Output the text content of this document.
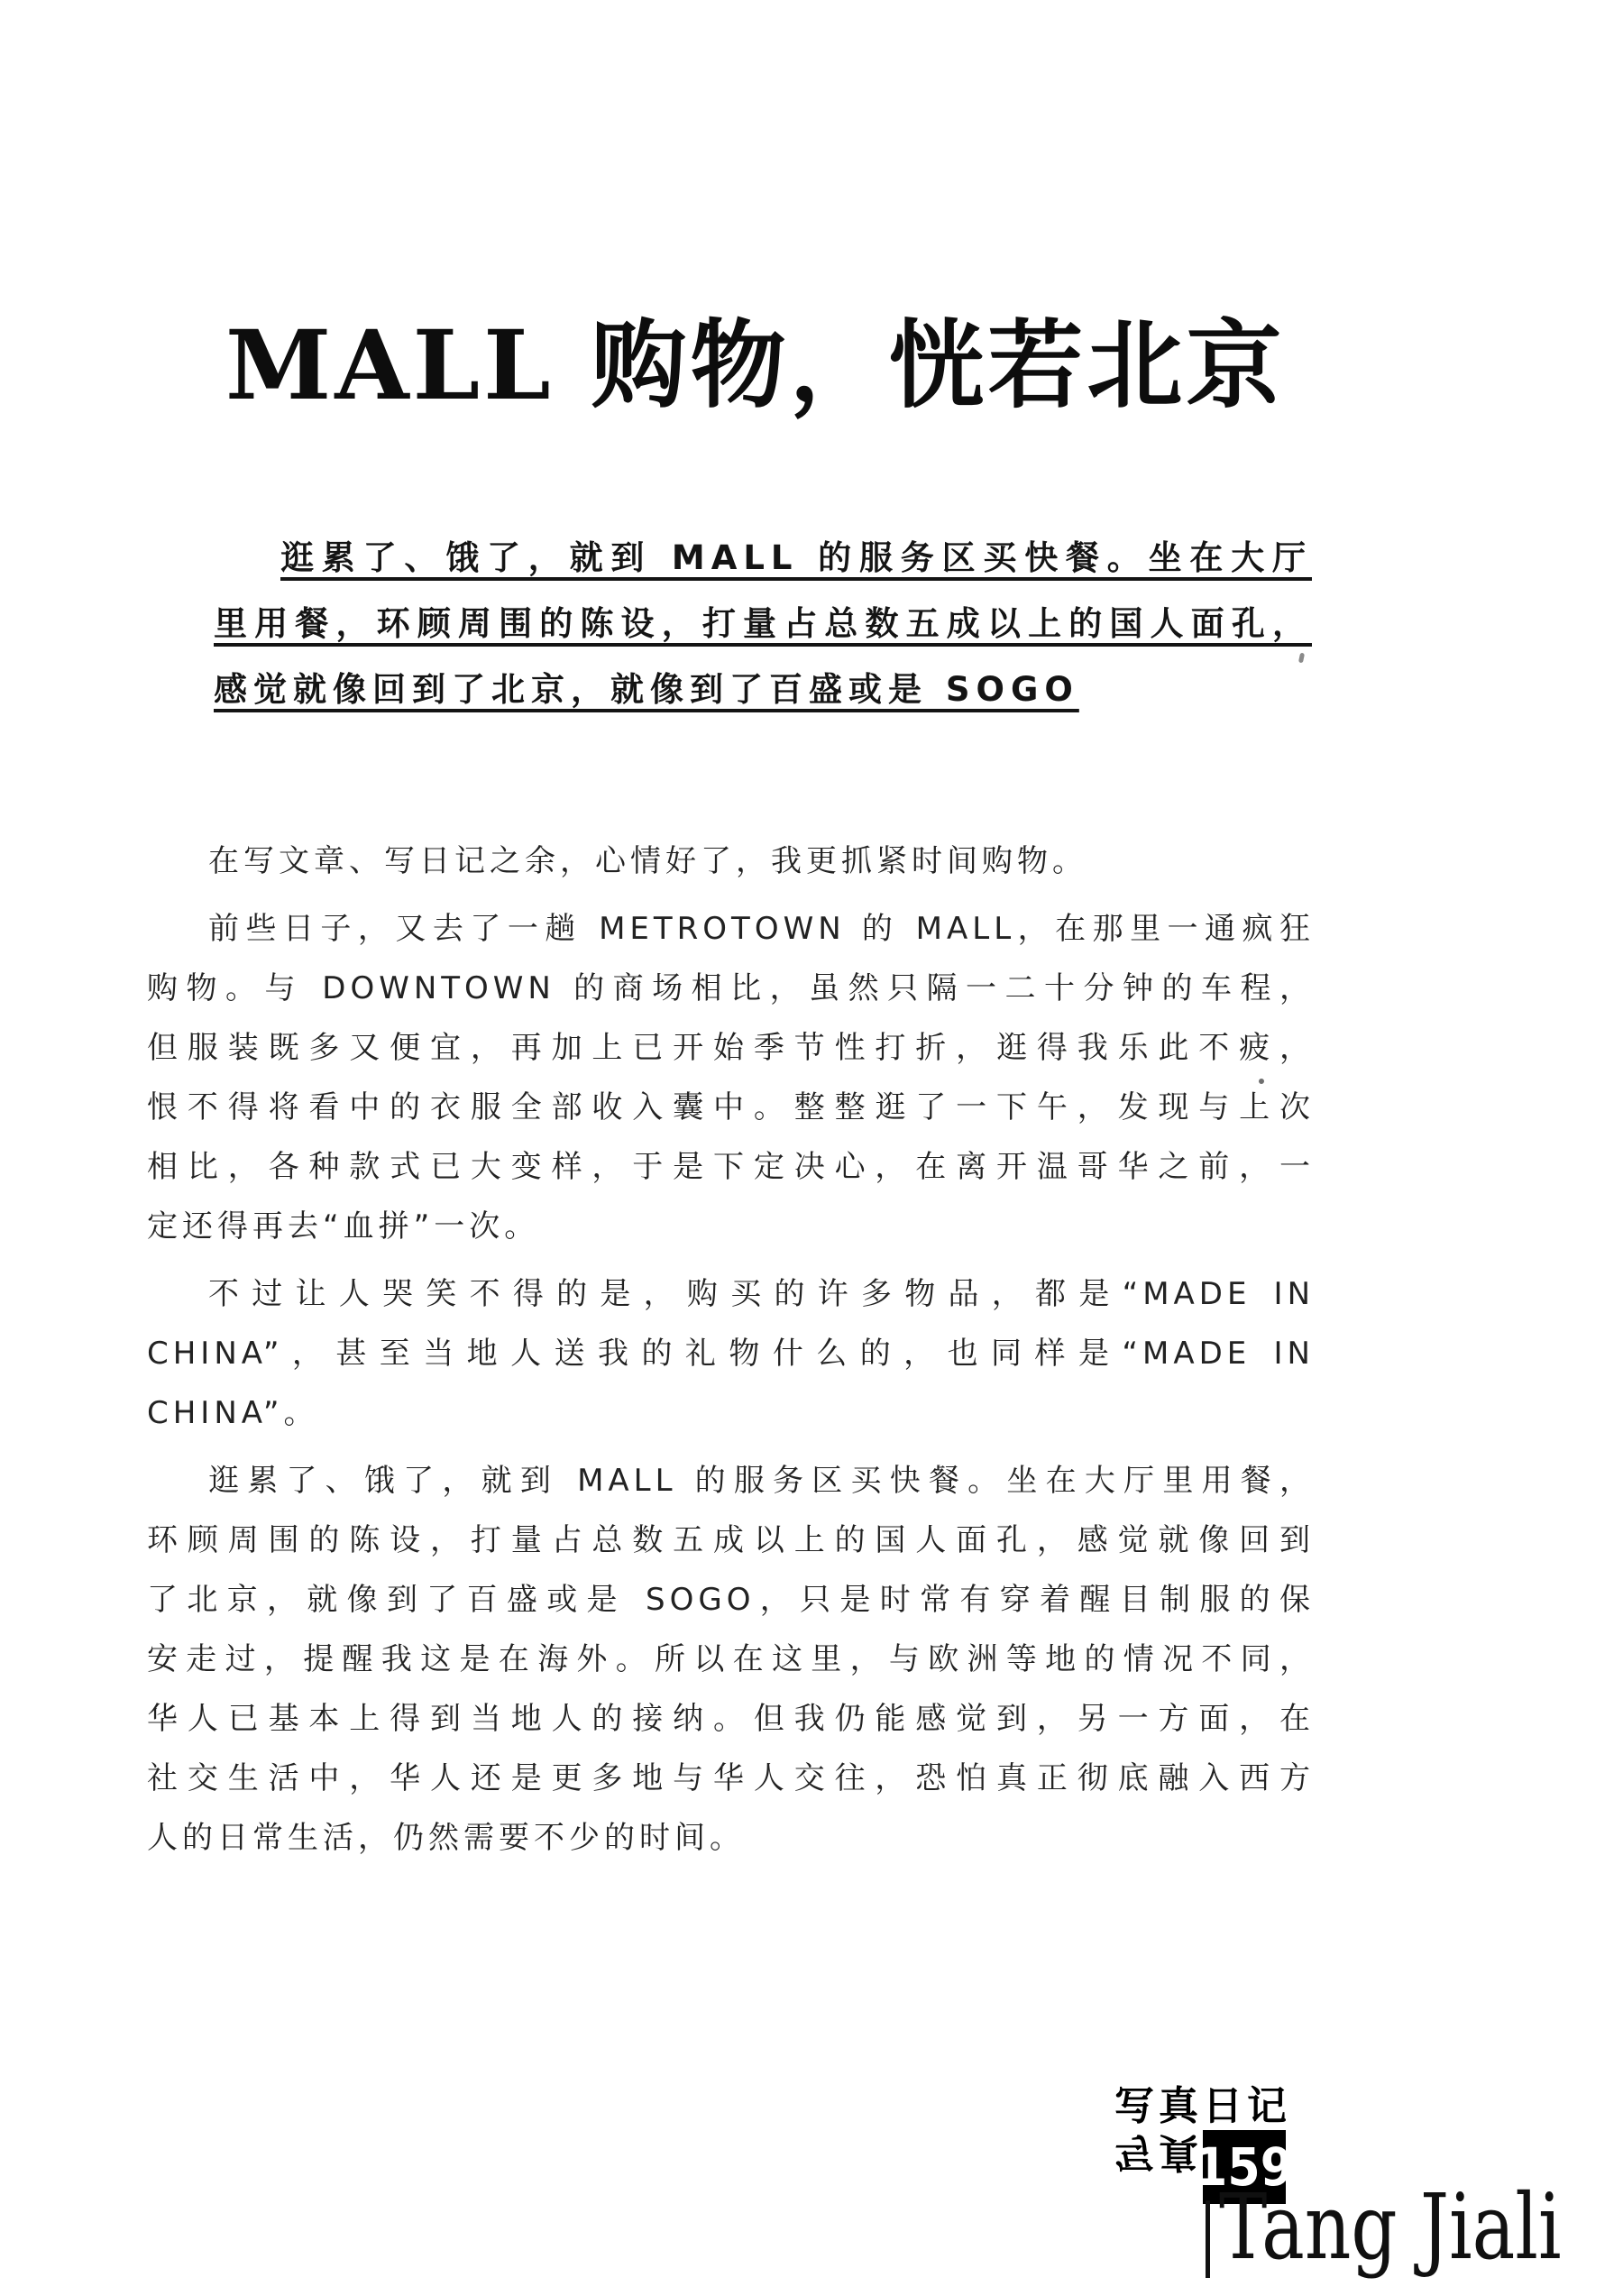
MALL 购物，恍若北京
逛累了、饿了，就到 MALL 的服务区买快餐。坐在大厅
里用餐，环顾周围的陈设，打量占总数五成以上的国人面孔，
感觉就像回到了北京，就像到了百盛或是 SOGO
在写文章、写日记之余，心情好了，我更抓紧时间购物。
前些日子，又去了一趟 METROTOWN 的 MALL，在那里一通疯狂
购物。与 DOWNTOWN 的商场相比，虽然只隔一二十分钟的车程，
但服装既多又便宜，再加上已开始季节性打折，逛得我乐此不疲，
恨不得将看中的衣服全部收入囊中。整整逛了一下午，发现与上次
相比，各种款式已大变样，于是下定决心，在离开温哥华之前，一
定还得再去“血拼”一次。
不过让人哭笑不得的是，购买的许多物品，都是“MADE IN
CHINA”，甚至当地人送我的礼物什么的，也同样是“MADE IN
CHINA”。
逛累了、饿了，就到 MALL 的服务区买快餐。坐在大厅里用餐，
环顾周围的陈设，打量占总数五成以上的国人面孔，感觉就像回到
了北京，就像到了百盛或是 SOGO，只是时常有穿着醒目制服的保
安走过，提醒我这是在海外。所以在这里，与欧洲等地的情况不同，
华人已基本上得到当地人的接纳。但我仍能感觉到，另一方面，在
社交生活中，华人还是更多地与华人交往，恐怕真正彻底融入西方
人的日常生活，仍然需要不少的时间。
写真日记
写真
159
Tang Jiali
